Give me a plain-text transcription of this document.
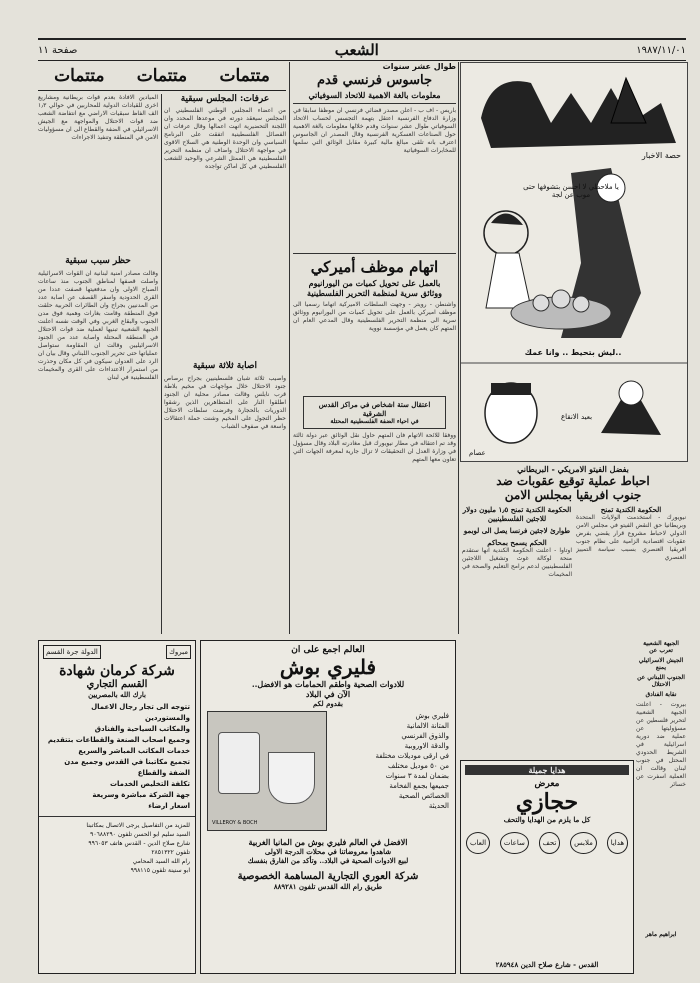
١٩٨٧/١١/٠١
الشعب
صفحة ١١
متتمات متتمات متتمات
الميادين الافادة بعدم قوات بريطانية ومشاريع اخرى للقيادات الدولية للمحاربين في حوالي ١٫٣ الف الفاظ سبقيات الاراضي مع انتفاضة الشعب ضد قوات الاحتلال والمواجهة مع الجيش الاسرائيلي في الضفة والقطاع الى ان مسؤوليات الامن في المنطقة وتنفيذ الاجراءات
حظر سبب سبقية
وقالت مصادر امنية لبنانية ان القوات الاسرائيلية واصلت قصفها لمناطق الجنوب منذ ساعات الصباح الاولى وان مدفعيتها قصفت عددا من القرى الحدودية واسفر القصف عن اصابة عدد من المدنيين بجراح وان الطائرات الحربية حلقت فوق المنطقة وقامت بغارات وهمية فوق مدن الجنوب والبقاع الغربي وفي الوقت نفسه اعلنت الجبهة الشعبية تبنيها لعملية ضد قوات الاحتلال في المنطقة المحتلة واصابة عدد من الجنود الاسرائيليين وقالت ان المقاومة ستواصل عملياتها حتى تحرير الجنوب اللبناني وقال بيان ان الرد على العدوان سيكون في كل مكان وحذرت من استمرار الاعتداءات على القرى والمخيمات الفلسطينية في لبنان
عرفات: المجلس سبقية
من اعضاء المجلس الوطني الفلسطيني ان المجلس سيعقد دورته في موعدها المحدد وان اللجنة التحضيرية انهت اعمالها وقال عرفات ان الفصائل الفلسطينية اتفقت على البرنامج السياسي وان الوحدة الوطنية هي السلاح الاقوى في مواجهة الاحتلال واضاف ان منظمة التحرير الفلسطينية هي الممثل الشرعي والوحيد للشعب الفلسطيني في كل اماكن تواجده
اصابة ثلاثة سبقية
واصيب ثلاثة شبان فلسطينيين بجراح برصاص جنود الاحتلال خلال مواجهات في مخيم بلاطة قرب نابلس وقالت مصادر محلية ان الجنود اطلقوا النار على المتظاهرين الذين رشقوا الدوريات بالحجارة وفرضت سلطات الاحتلال حظر التجول على المخيم وشنت حملة اعتقالات واسعة في صفوف الشباب
طوال عشر سنوات
جاسوس فرنسي قدم
معلومات بالغة الاهمية للاتحاد السوفياتي
باريس - اف ب - اعلن مصدر قضائي فرنسي ان موظفا سابقا في وزارة الدفاع الفرنسية اعتقل بتهمة التجسس لحساب الاتحاد السوفياتي طوال عشر سنوات وقدم خلالها معلومات بالغة الاهمية حول الصناعات العسكرية الفرنسية وقال المصدر ان الجاسوس اعترف بانه تلقى مبالغ مالية كبيرة مقابل الوثائق التي سلمها للمخابرات السوفياتية
اتهام موظف أميركي
بالعمل على تحويل كميات من اليورانيوم
ووثائق سرية لمنظمة التحرير الفلسطينية
واشنطن - رويتر - وجهت السلطات الاميركية اتهاما رسميا الى موظف اميركي بالعمل على تحويل كميات من اليورانيوم ووثائق سرية الى منظمة التحرير الفلسطينية وقال المدعي العام ان المتهم كان يعمل في مؤسسة نووية
اعتقال ستة اشخاص في مراكز القدس الشرقية
في احياء الضفة الفلسطينية المحتلة
ووفقا للائحة الاتهام فان المتهم حاول نقل الوثائق عبر دولة ثالثة وقد تم اعتقاله في مطار نيويورك قبل مغادرته البلاد وقال مسؤول في وزارة العدل ان التحقيقات لا تزال جارية لمعرفة الجهات التي تعاون معها المتهم
حصة الاخبار
يا ملاحظي لا احسن بتشوفها حتى موب عن لجة
..ليش بتحيط .. وانا عمك
بعيد الانقاع
عصام
بفضل الفيتو الامريكي - البريطاني
احباط عملية توقيع عقوبات ضد
جنوب افريقيا بمجلس الامن
الحكومة الكندية تمنح
نيويورك - استخدمت الولايات المتحدة وبريطانيا حق النقض الفيتو في مجلس الامن الدولي لاحباط مشروع قرار يقضي بفرض عقوبات اقتصادية الزامية على نظام جنوب افريقيا العنصري بسبب سياسة التمييز العنصري
الحكومة الكندية تمنح ١٫٥ مليون دولار للاجئين الفلسطينيين
طوارئ لاجئين فرنسا يصل الى لوبمو
الحكم يسمح بمحاكم
اوتاوا - اعلنت الحكومة الكندية انها ستقدم منحة لوكالة غوث وتشغيل اللاجئين الفلسطينيين لدعم برامج التعليم والصحة في المخيمات
الجبهة الشعبية تعرب عن
الجيش الاسرائيلي يمنع
الجنوب اللبناني عن الاحتلال
نقابة الفنادق
بيروت - اعلنت الجبهة الشعبية لتحرير فلسطين عن مسؤوليتها عن عملية ضد دورية اسرائيلية في الشريط الحدودي المحتل في جنوب لبنان وقالت ان العملية اسفرت عن خسائر
ابراهيم ماهر
الدولة جرة القسم	مبروك
شركة كرمان شهادة
القسم التجاري
بارك الله بالمصريين
تتوجه الى تجار رجال الاعمال والمستوردين
والمكاتب السياحية والفنادق
وجميع اصحاب الصنعة والقطاعات بتتقديم
خدمات المكاتب المباشر والسريع
تجميع مكاتبنا في القدس وجميع مدن
الضفة والقطاع
تكلفة التخليص الخدمات
جهة الشركة مباشرة وسريعة
اسعار ارضاء
للمزيد من التفاصيل يرجى الاتصال بمكاتبنا
السيد سليم ابو الحسن تلفون ٩٠٦٨٨٢٩٠
شارع صلاح الدين - القدس هاتف ٩٩٦٠٥٣
تلفون ٢٨٥١٣٢٢
رام الله السيد المحامي
ابو سنينة تلفون ٩٩٨١١٥
العالم اجمع على ان
فليري بوش
للادوات الصحية واطقم الحمامات هو الافضل..
الآن في البلاد
بقدوم لكم
VILLEROY & BOCH
فليري بوش
المتانة الالمانية
والذوق الفرنسي
والدقة الاوروبية
في ارقى موديلات مختلفة
من ٥٠ موديل مختلف
بضمان لمدة ٣ سنوات
جميعها بجمع الفخامة
الخصائص الصحية
الحديثة
الافضل في العالم فليري بوش من المانيا الغربية
شاهدوا معروضاتنا في محلات الدرجة الاولى
لبيع الادوات الصحية في البلاد.. وتأكد من الفارق بنفسك
شركة العوري التجارية المساهمة الخصوصية
طريق رام الله القدس تلفون ٨٨٩٢٨١
هدايا جميلة
معرض
حجازي
كل ما يلزم من الهدايا والتحف
هدايا
ملابس
تحف
ساعات
العاب
القدس - شارع صلاح الدين ٢٨٥٩٤٨
